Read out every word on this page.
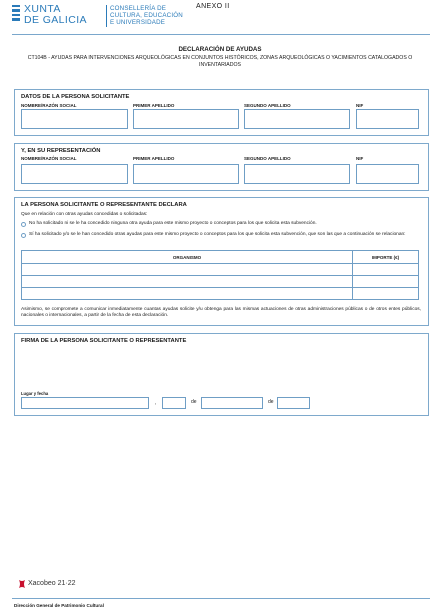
XUNTA
DE GALICIA
CONSELLERÍA DE
CULTURA, EDUCACIÓN
E UNIVERSIDADE
ANEXO II
DECLARACIÓN DE AYUDAS
CT104B - AYUDAS PARA INTERVENCIONES ARQUEOLÓGICAS EN CONJUNTOS HISTÓRICOS, ZONAS ARQUEOLÓGICAS O YACIMIENTOS CATALOGADOS O INVENTARIADOS
DATOS DE LA PERSONA SOLICITANTE
NOMBRE/RAZÓN SOCIAL	PRIMER APELLIDO	SEGUNDO APELLIDO	NIF
Y, EN SU REPRESENTACIÓN
NOMBRE/RAZÓN SOCIAL	PRIMER APELLIDO	SEGUNDO APELLIDO	NIF
LA PERSONA SOLICITANTE O REPRESENTANTE DECLARA
Que en relación con otras ayudas concedidas o solicitadas:
No ha solicitado ni se le ha concedido ninguna otra ayuda para este mismo proyecto o conceptos para los que solicita esta subvención.
Sí ha solicitado y/o se le han concedido otras ayudas para este mismo proyecto o conceptos para los que solicita esta subvención, que son las que a continuación se relacionan:
ORGANISMO	IMPORTE (€)

Asimismo, se compromete a comunicar inmediatamente cuantas ayudas solicite y/u obtenga para las mismas actuaciones de otras administraciones públicas o de otros entes públicos, nacionales o internacionales, a partir de la fecha de esta declaración.
FIRMA DE LA PERSONA SOLICITANTE O REPRESENTANTE
Lugar y fecha
,	de	de
Xacobeo 21·22
Dirección General de Patrimonio Cultural
